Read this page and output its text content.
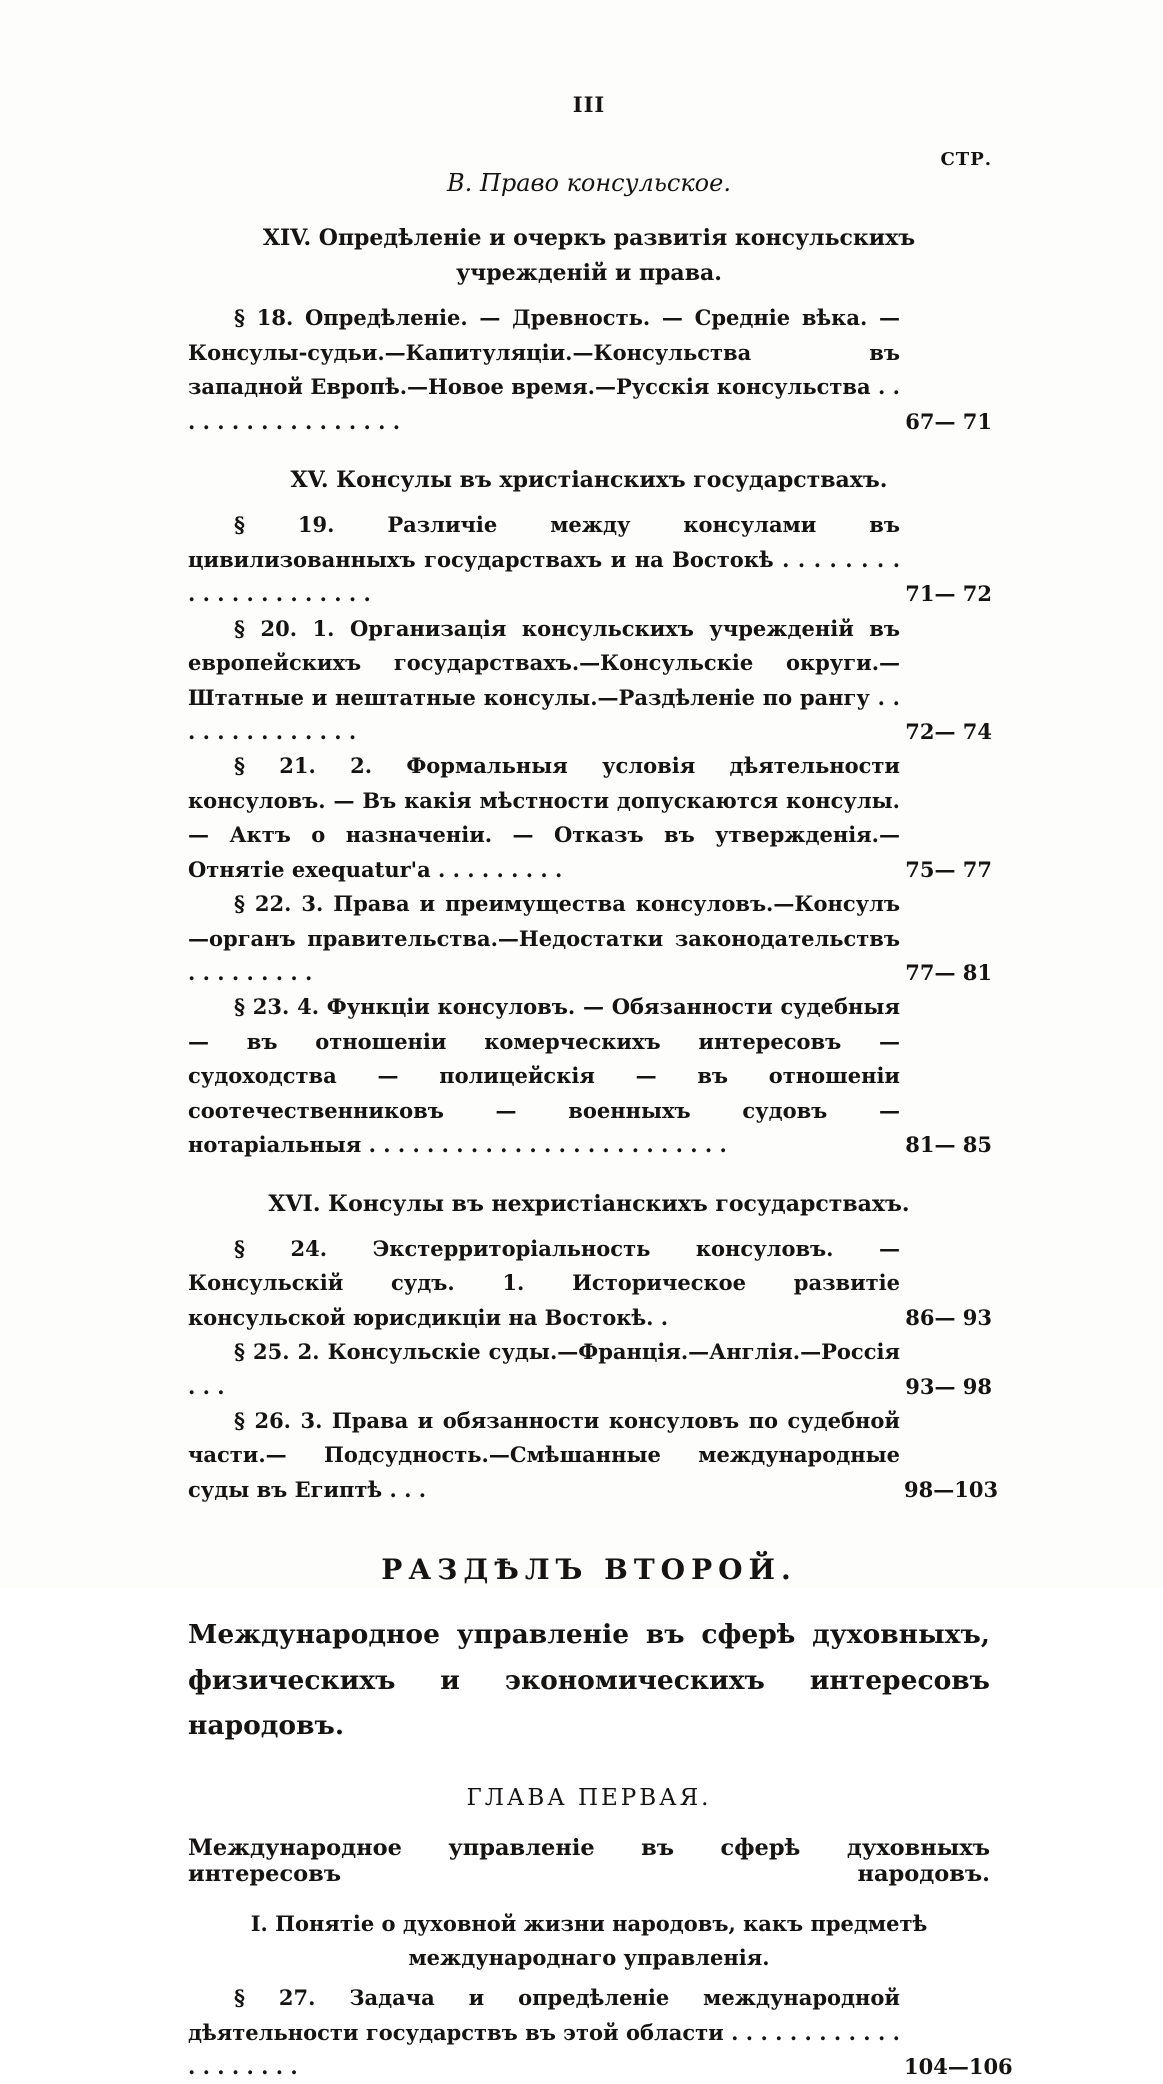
III
СТР.
В. Право консульское.
XIV. Опредѣленіе и очеркъ развитія консульскихъ учрежденій и права.
§ 18. Опредѣленіе. — Древность. — Средніе вѣка. — Консулы-судьи.—Капитуляціи.—Консульства въ западной Европѣ.—Новое время.—Русскія консульства . . . . . . . . . . . . . . . . .	67— 71
XV. Консулы въ христіанскихъ государствахъ.
§ 19. Различіе между консулами въ цивилизованныхъ государствахъ и на Востокѣ . . . . . . . . . . . . . . . . . . . . .	71— 72
§ 20. 1. Организація консульскихъ учрежденій въ европейскихъ государствахъ.—Консульскіе округи.—Штатные и нештатные консулы.—Раздѣленіе по рангу . . . . . . . . . . . . . .	72— 74
§ 21. 2. Формальныя условія дѣятельности консуловъ. — Въ какія мѣстности допускаются консулы. — Актъ о назначеніи. — Отказъ въ утвержденія.—Отнятіе exequatur'a . . . . . . . . .	75— 77
§ 22. 3. Права и преимущества консуловъ.—Консулъ—органъ правительства.—Недостатки законодательствъ . . . . . . . . .	77— 81
§ 23. 4. Функціи консуловъ. — Обязанности судебныя — въ отношеніи комерческихъ интересовъ — судоходства — полицейскія — въ отношеніи соотечественниковъ — военныхъ судовъ — нотаріальныя . . . . . . . . . . . . . . . . . . . . . . . . .	81— 85
XVI. Консулы въ нехристіанскихъ государствахъ.
§ 24. Экстерриторіальность консуловъ. — Консульскій судъ. 1. Историческое развитіе консульской юрисдикціи на Востокѣ. .	86— 93
§ 25. 2. Консульскіе суды.—Франція.—Англія.—Россія . . .	93— 98
§ 26. 3. Права и обязанности консуловъ по судебной части.— Подсудность.—Смѣшанные международные суды въ Египтѣ . . .	98—103
РАЗДѢЛЪ ВТОРОЙ.
Международное управленіе въ сферѣ духовныхъ, физическихъ и экономическихъ интересовъ народовъ.
ГЛАВА ПЕРВАЯ.
Международное управленіе въ сферѣ духовныхъ интересовъ народовъ.
I. Понятіе о духовной жизни народовъ, какъ предметѣ международнаго управленія.
§ 27. Задача и опредѣленіе международной дѣятельности государствъ въ этой области . . . . . . . . . . . . . . . . . . . .	104—106
